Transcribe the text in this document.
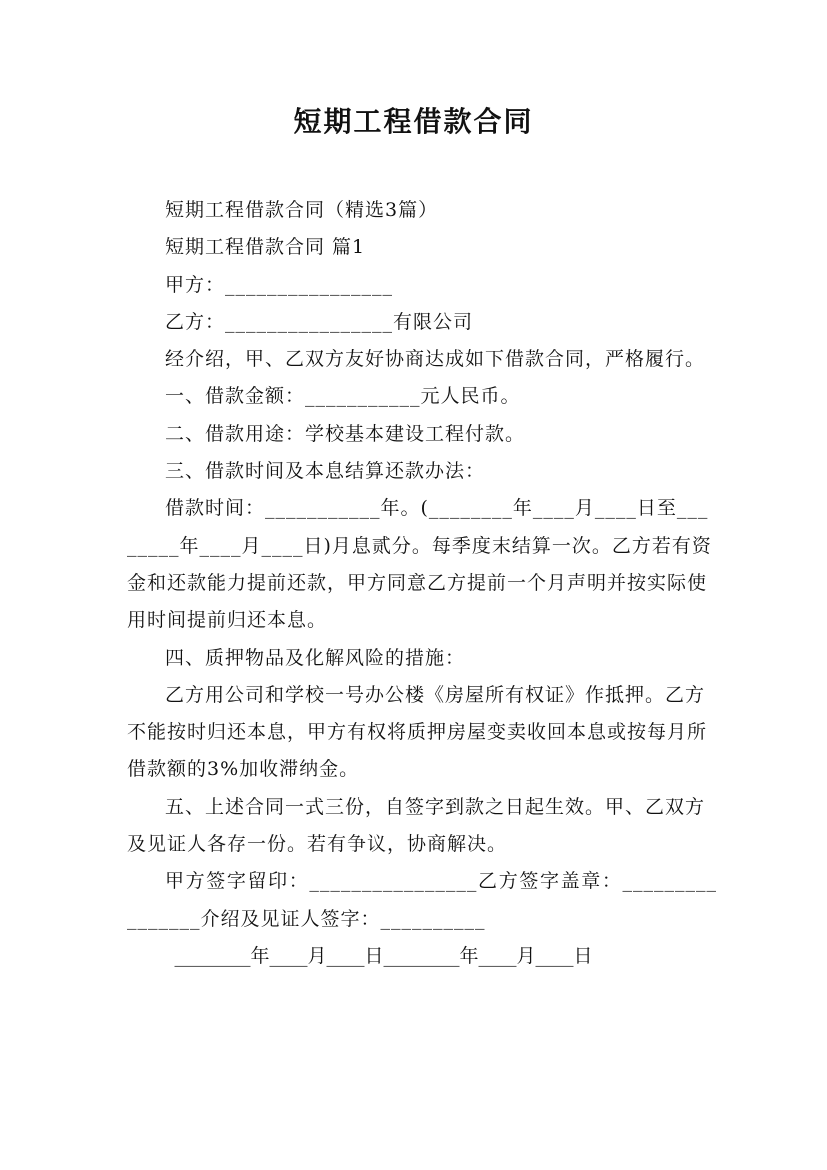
短期工程借款合同

短期工程借款合同（精选3篇）

短期工程借款合同 篇1

甲方：________________

乙方：________________有限公司

经介绍，甲、乙双方友好协商达成如下借款合同，严格履行。

一、借款金额：___________元人民币。

二、借款用途：学校基本建设工程付款。

三、借款时间及本息结算还款办法：

借款时间：___________年。(________年____月____日至________年____月____日)月息贰分。每季度末结算一次。乙方若有资金和还款能力提前还款，甲方同意乙方提前一个月声明并按实际使用时间提前归还本息。

四、质押物品及化解风险的措施：

乙方用公司和学校一号办公楼《房屋所有权证》作抵押。乙方不能按时归还本息，甲方有权将质押房屋变卖收回本息或按每月所借款额的3%加收滞纳金。

五、上述合同一式三份，自签字到款之日起生效。甲、乙双方及见证人各存一份。若有争议，协商解决。

甲方签字留印：________________乙方签字盖章：________________介绍及见证人签字：__________

________年____月____日________年____月____日
